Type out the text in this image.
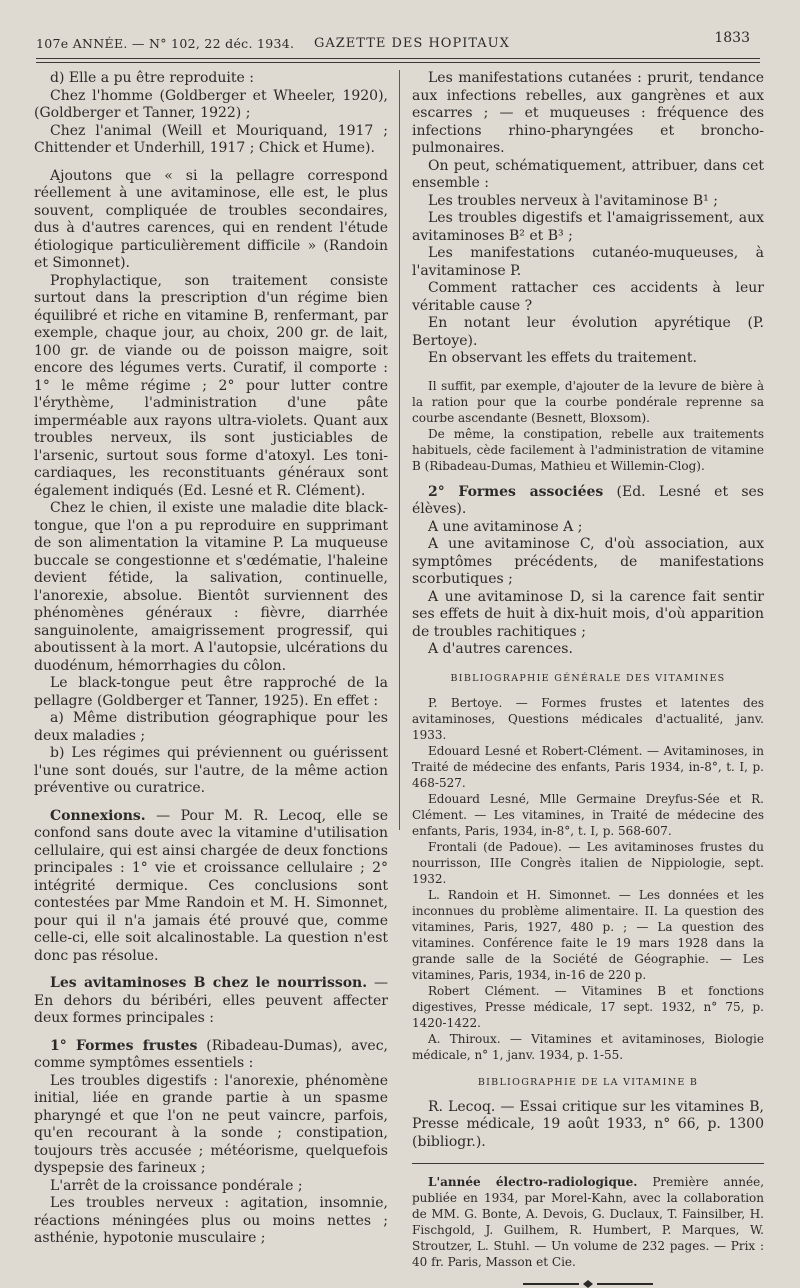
107e ANNÉE. — N° 102, 22 déc. 1934. GAZETTE DES HOPITAUX	1833

d) Elle a pu être reproduite :

Chez l'homme (Goldberger et Wheeler, 1920), (Goldberger et Tanner, 1922) ;

Chez l'animal (Weill et Mouriquand, 1917 ; Chittender et Underhill, 1917 ; Chick et Hume).

Ajoutons que « si la pellagre correspond réellement à une avitaminose, elle est, le plus souvent, compliquée de troubles secondaires, dus à d'autres carences, qui en rendent l'étude étiologique particulièrement difficile » (Randoin et Simonnet).

Prophylactique, son traitement consiste surtout dans la prescription d'un régime bien équilibré et riche en vitamine B, renfermant, par exemple, chaque jour, au choix, 200 gr. de lait, 100 gr. de viande ou de poisson maigre, soit encore des légumes verts. Curatif, il comporte : 1° le même régime ; 2° pour lutter contre l'érythème, l'administration d'une pâte imperméable aux rayons ultra-violets. Quant aux troubles nerveux, ils sont justiciables de l'arsenic, surtout sous forme d'atoxyl. Les toni-cardiaques, les reconstituants généraux sont également indiqués (Ed. Lesné et R. Clément).

Chez le chien, il existe une maladie dite black-tongue, que l'on a pu reproduire en supprimant de son alimentation la vitamine P. La muqueuse buccale se congestionne et s'œdématie, l'haleine devient fétide, la salivation, continuelle, l'anorexie, absolue. Bientôt surviennent des phénomènes généraux : fièvre, diarrhée sanguinolente, amaigrissement progressif, qui aboutissent à la mort. A l'autopsie, ulcérations du duodénum, hémorrhagies du côlon.

Le black-tongue peut être rapproché de la pellagre (Goldberger et Tanner, 1925). En effet :

a) Même distribution géographique pour les deux maladies ;

b) Les régimes qui préviennent ou guérissent l'une sont doués, sur l'autre, de la même action préventive ou curatrice.

Connexions. — Pour M. R. Lecoq, elle se confond sans doute avec la vitamine d'utilisation cellulaire, qui est ainsi chargée de deux fonctions principales : 1° vie et croissance cellulaire ; 2° intégrité dermique. Ces conclusions sont contestées par Mme Randoin et M. H. Simonnet, pour qui il n'a jamais été prouvé que, comme celle-ci, elle soit alcalinostable. La question n'est donc pas résolue.

Les avitaminoses B chez le nourrisson. — En dehors du béribéri, elles peuvent affecter deux formes principales :

1° Formes frustes (Ribadeau-Dumas), avec, comme symptômes essentiels :

Les troubles digestifs : l'anorexie, phénomène initial, liée en grande partie à un spasme pharyngé et que l'on ne peut vaincre, parfois, qu'en recourant à la sonde ; constipation, toujours très accusée ; météorisme, quelquefois dyspepsie des farineux ;

L'arrêt de la croissance pondérale ;

Les troubles nerveux : agitation, insomnie, réactions méningées plus ou moins nettes ; asthénie, hypotonie musculaire ;

Les manifestations cutanées : prurit, tendance aux infections rebelles, aux gangrènes et aux escarres ; — et muqueuses : fréquence des infections rhino-pharyngées et broncho-pulmonaires.

On peut, schématiquement, attribuer, dans cet ensemble :

Les troubles nerveux à l'avitaminose B¹ ;

Les troubles digestifs et l'amaigrissement, aux avitaminoses B² et B³ ;

Les manifestations cutanéo-muqueuses, à l'avitaminose P.

Comment rattacher ces accidents à leur véritable cause ?

En notant leur évolution apyrétique (P. Bertoye).

En observant les effets du traitement.

Il suffit, par exemple, d'ajouter de la levure de bière à la ration pour que la courbe pondérale reprenne sa courbe ascendante (Besnett, Bloxsom).

De même, la constipation, rebelle aux traitements habituels, cède facilement à l'administration de vitamine B (Ribadeau-Dumas, Mathieu et Willemin-Clog).

2° Formes associées (Ed. Lesné et ses élèves).

A une avitaminose A ;

A une avitaminose C, d'où association, aux symptômes précédents, de manifestations scorbutiques ;

A une avitaminose D, si la carence fait sentir ses effets de huit à dix-huit mois, d'où apparition de troubles rachitiques ;

A d'autres carences.

BIBLIOGRAPHIE GÉNÉRALE DES VITAMINES

P. Bertoye. — Formes frustes et latentes des avitaminoses, Questions médicales d'actualité, janv. 1933.

Edouard Lesné et Robert-Clément. — Avitaminoses, in Traité de médecine des enfants, Paris 1934, in-8°, t. I, p. 468-527.

Edouard Lesné, Mlle Germaine Dreyfus-Sée et R. Clément. — Les vitamines, in Traité de médecine des enfants, Paris, 1934, in-8°, t. I, p. 568-607.

Frontali (de Padoue). — Les avitaminoses frustes du nourrisson, IIIe Congrès italien de Nippiologie, sept. 1932.

L. Randoin et H. Simonnet. — Les données et les inconnues du problème alimentaire. II. La question des vitamines, Paris, 1927, 480 p. ; — La question des vitamines. Conférence faite le 19 mars 1928 dans la grande salle de la Société de Géographie. — Les vitamines, Paris, 1934, in-16 de 220 p.

Robert Clément. — Vitamines B et fonctions digestives, Presse médicale, 17 sept. 1932, n° 75, p. 1420-1422.

A. Thiroux. — Vitamines et avitaminoses, Biologie médicale, n° 1, janv. 1934, p. 1-55.

BIBLIOGRAPHIE DE LA VITAMINE B

R. Lecoq. — Essai critique sur les vitamines B, Presse médicale, 19 août 1933, n° 66, p. 1300 (bibliogr.).

L'année électro-radiologique. Première année, publiée en 1934, par Morel-Kahn, avec la collaboration de MM. G. Bonte, A. Devois, G. Duclaux, T. Fainsilber, H. Fischgold, J. Guilhem, R. Humbert, P. Marques, W. Stroutzer, L. Stuhl. — Un volume de 232 pages. — Prix : 40 fr. Paris, Masson et Cie.
